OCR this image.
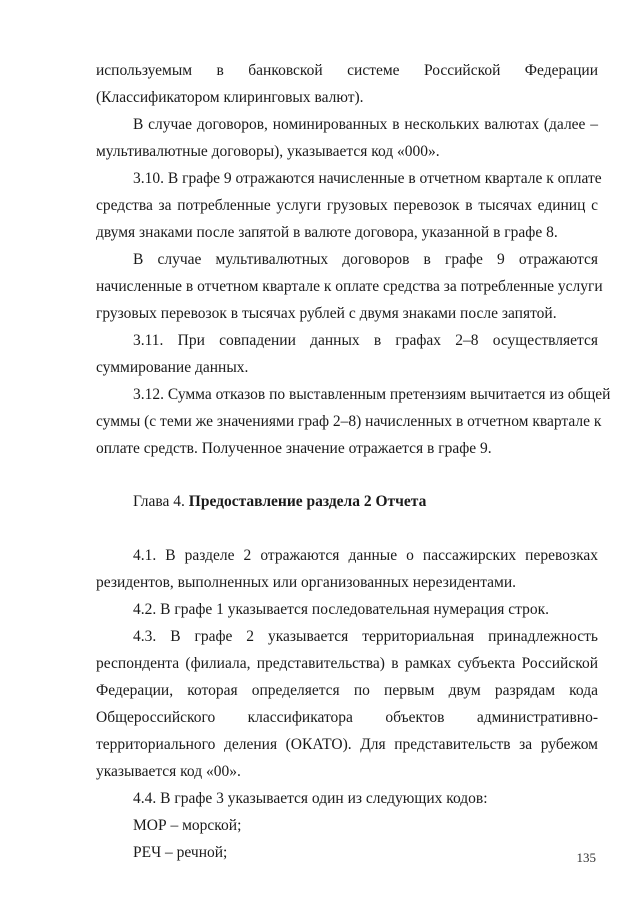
используемым в банковской системе Российской Федерации
(Классификатором клиринговых валют).
В случае договоров, номинированных в нескольких валютах (далее –
мультивалютные договоры), указывается код «000».
3.10. В графе 9 отражаются начисленные в отчетном квартале к оплате
средства за потребленные услуги грузовых перевозок в тысячах единиц с
двумя знаками после запятой в валюте договора, указанной в графе 8.
В случае мультивалютных договоров в графе 9 отражаются
начисленные в отчетном квартале к оплате средства за потребленные услуги
грузовых перевозок в тысячах рублей с двумя знаками после запятой.
3.11. При совпадении данных в графах 2–8 осуществляется
суммирование данных.
3.12. Сумма отказов по выставленным претензиям вычитается из общей
суммы (с теми же значениями граф 2–8) начисленных в отчетном квартале к
оплате средств. Полученное значение отражается в графе 9.
Глава 4. Предоставление раздела 2 Отчета
4.1. В разделе 2 отражаются данные о пассажирских перевозках
резидентов, выполненных или организованных нерезидентами.
4.2. В графе 1 указывается последовательная нумерация строк.
4.3. В графе 2 указывается территориальная принадлежность
респондента (филиала, представительства) в рамках субъекта Российской
Федерации, которая определяется по первым двум разрядам кода
Общероссийского классификатора объектов административно-
территориального деления (ОКАТО). Для представительств за рубежом
указывается код «00».
4.4. В графе 3 указывается один из следующих кодов:
МОР – морской;
РЕЧ – речной;	135
